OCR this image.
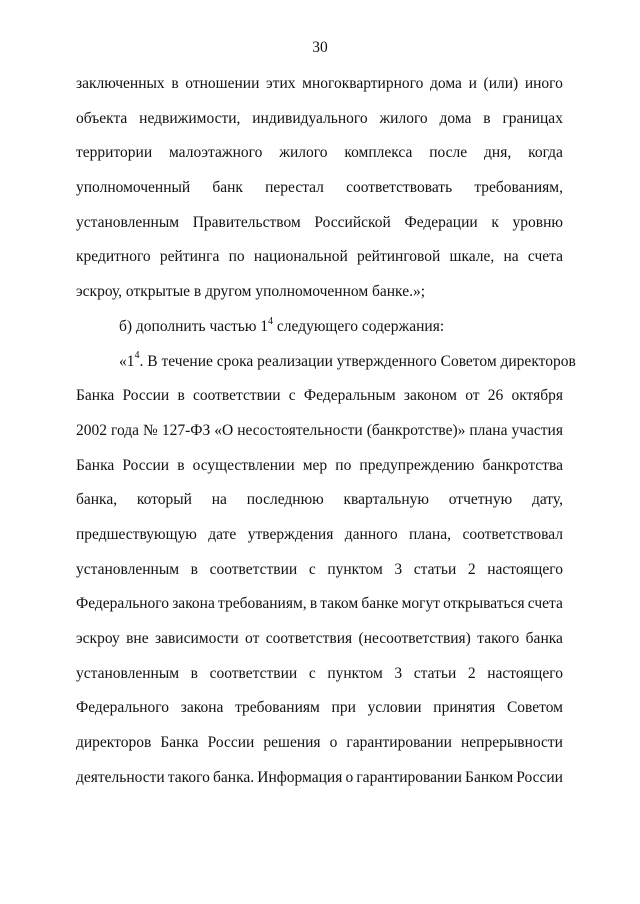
30
заключенных в отношении этих многоквартирного дома и (или) иного
объекта недвижимости, индивидуального жилого дома в границах
территории малоэтажного жилого комплекса после дня, когда
уполномоченный банк перестал соответствовать требованиям,
установленным Правительством Российской Федерации к уровню
кредитного рейтинга по национальной рейтинговой шкале, на счета
эскроу, открытые в другом уполномоченном банке.»;
б) дополнить частью $1^4$ следующего содержания:
«$1^4$. В течение срока реализации утвержденного Советом директоров
Банка России в соответствии с Федеральным законом от 26 октября
2002 года № 127-ФЗ «О несостоятельности (банкротстве)» плана участия
Банка России в осуществлении мер по предупреждению банкротства
банка, который на последнюю квартальную отчетную дату,
предшествующую дате утверждения данного плана, соответствовал
установленным в соответствии с пунктом 3 статьи 2 настоящего
Федерального закона требованиям, в таком банке могут открываться счета
эскроу вне зависимости от соответствия (несоответствия) такого банка
установленным в соответствии с пунктом 3 статьи 2 настоящего
Федерального закона требованиям при условии принятия Советом
директоров Банка России решения о гарантировании непрерывности
деятельности такого банка. Информация о гарантировании Банком России
